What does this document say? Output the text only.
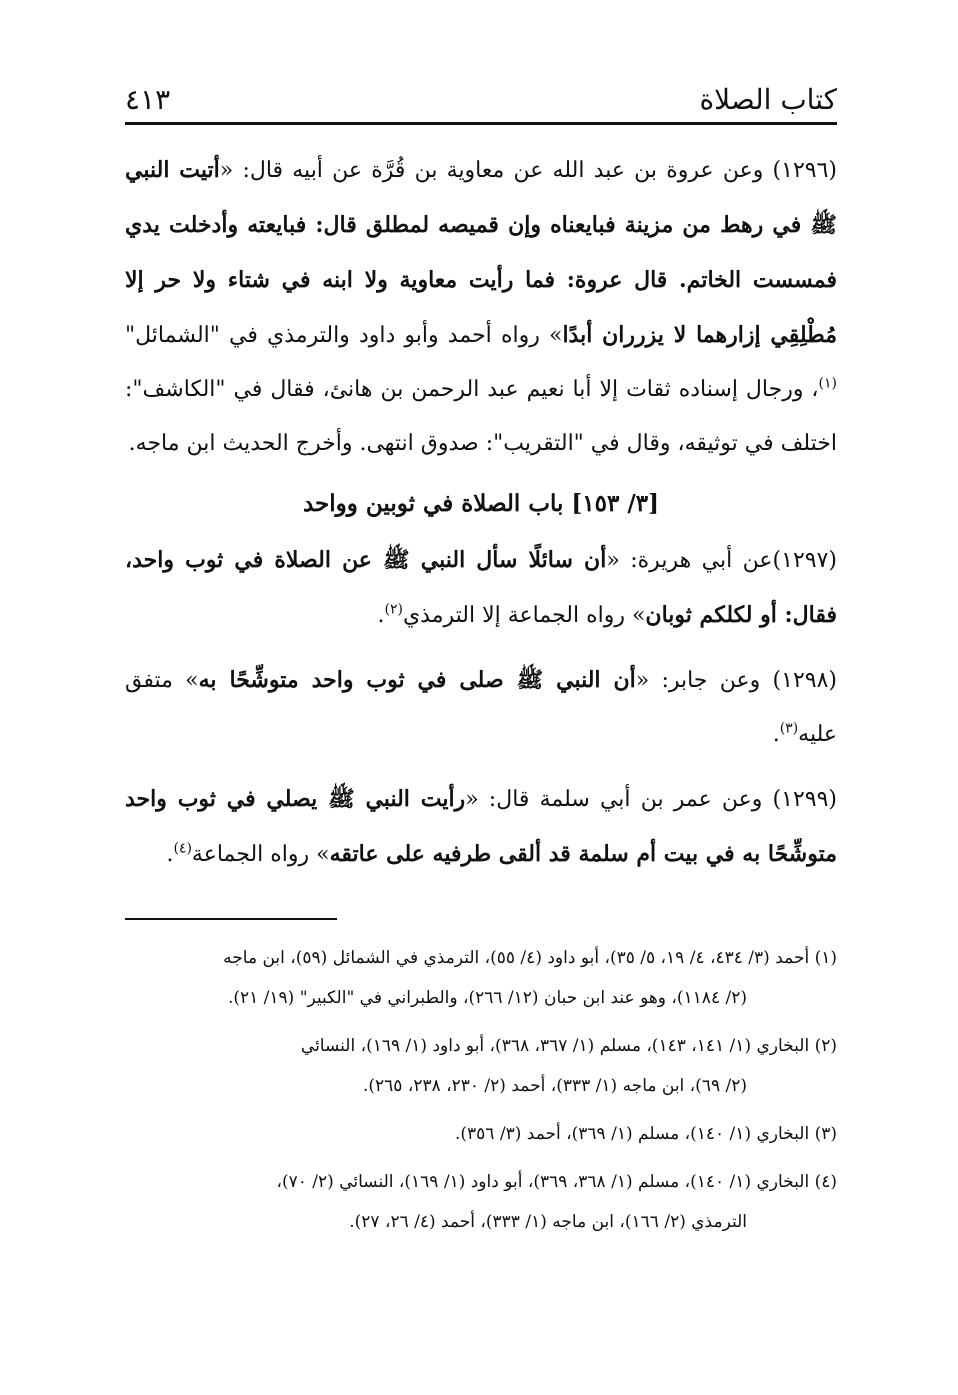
كتاب الصلاة
٤١٣

(١٢٩٦) وعن عروة بن عبد الله عن معاوية بن قُرَّة عن أبيه قال: «أتيت النبي ﷺ في رهط من مزينة فبايعناه وإن قميصه لمطلق قال: فبايعته وأدخلت يدي فمسست الخاتم. قال عروة: فما رأيت معاوية ولا ابنه في شتاء ولا حر إلا مُطْلِقِي إزارهما لا يزرران أبدًا» رواه أحمد وأبو داود والترمذي في "الشمائل"$^{(١)}$، ورجال إسناده ثقات إلا أبا نعيم عبد الرحمن بن هانئ، فقال في "الكاشف": اختلف في توثيقه، وقال في "التقريب": صدوق انتهى. وأخرج الحديث ابن ماجه.

[٣/ ١٥٣] باب الصلاة في ثوبين وواحد

(١٢٩٧)عن أبي هريرة: «أن سائلًا سأل النبي ﷺ عن الصلاة في ثوب واحد، فقال: أو لكلكم ثوبان» رواه الجماعة إلا الترمذي$^{(٢)}$.

(١٢٩٨) وعن جابر: «أن النبي ﷺ صلى في ثوب واحد متوشِّحًا به» متفق عليه$^{(٣)}$.

(١٢٩٩) وعن عمر بن أبي سلمة قال: «رأيت النبي ﷺ يصلي في ثوب واحد متوشِّحًا به في بيت أم سلمة قد ألقى طرفيه على عاتقه» رواه الجماعة$^{(٤)}$.

(١) أحمد (٣/ ٤٣٤، ٤/ ١٩، ٥/ ٣٥)، أبو داود (٤/ ٥٥)، الترمذي في الشمائل (٥٩)، ابن ماجه
(٢/ ١١٨٤)، وهو عند ابن حبان (١٢/ ٢٦٦)، والطبراني في "الكبير" (١٩/ ٢١).

(٢) البخاري (١/ ١٤١، ١٤٣)، مسلم (١/ ٣٦٧، ٣٦٨)، أبو داود (١/ ١٦٩)، النسائي
(٢/ ٦٩)، ابن ماجه (١/ ٣٣٣)، أحمد (٢/ ٢٣٠، ٢٣٨، ٢٦٥).

(٣) البخاري (١/ ١٤٠)، مسلم (١/ ٣٦٩)، أحمد (٣/ ٣٥٦).

(٤) البخاري (١/ ١٤٠)، مسلم (١/ ٣٦٨، ٣٦٩)، أبو داود (١/ ١٦٩)، النسائي (٢/ ٧٠)،
الترمذي (٢/ ١٦٦)، ابن ماجه (١/ ٣٣٣)، أحمد (٤/ ٢٦، ٢٧).
